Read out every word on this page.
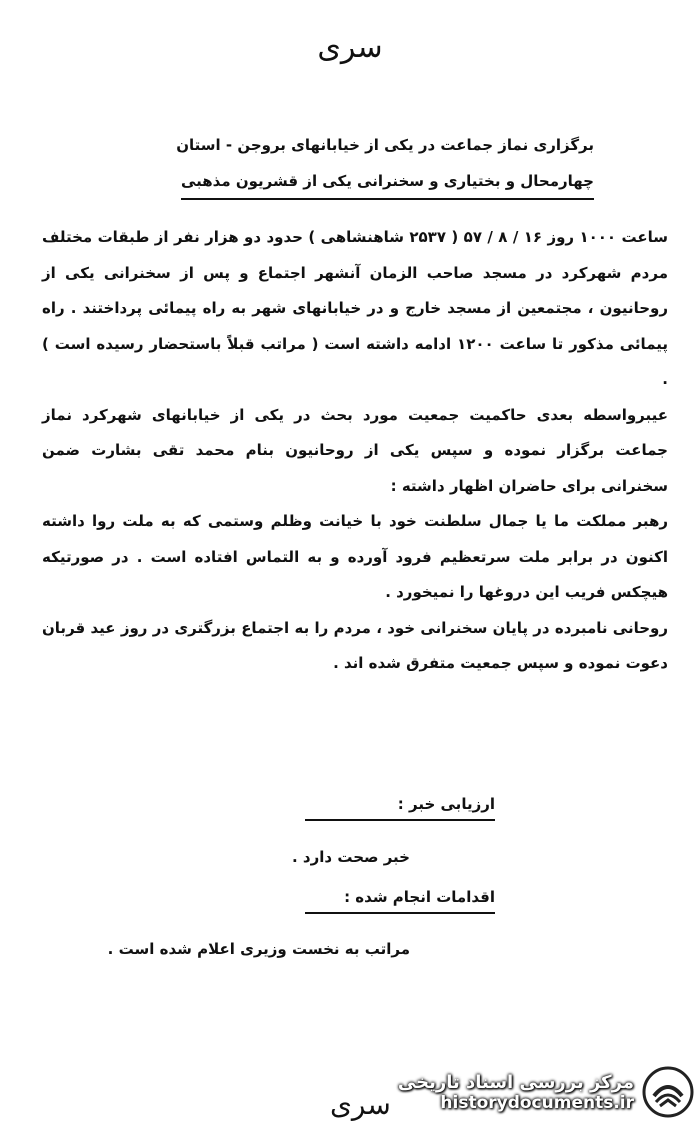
سری
برگزاری نماز جماعت در یکی از خیابانهای بروجن - استان
چهارمحال و بختیاری و سخنرانی یکی از قشریون مذهبی

ساعت ۱۰۰۰ روز ۱۶ / ۸ / ۵۷ ( ۲۵۳۷ شاهنشاهی ) حدود دو هزار نفر از طبقات مختلف مردم شهرکرد در مسجد صاحب الزمان آنشهر اجتماع و پس از سخنرانی یکی از روحانیون ، مجتمعین از مسجد خارج و در خیابانهای شهر به راه پیمائی پرداختند . راه پیمائی مذکور تا ساعت ۱۲۰۰ ادامه داشته است ( مراتب قبلاً باستحضار رسیده است ) .

عیبرواسطه بعدی حاکمیت جمعیت مورد بحث در یکی از خیابانهای شهرکرد نماز جماعت برگزار نموده و سپس یکی از روحانیون بنام محمد تقی بشارت ضمن سخنرانی برای حاضران اظهار داشته :

رهبر مملکت ما یا جمال سلطنت خود با خیانت وظلم وستمی که به ملت روا داشته اکنون در برابر ملت سرتعظیم فرود آورده و به التماس افتاده است . در صورتیکه هیچکس فریب این دروغها را نمیخورد .

روحانی نامبرده در پایان سخنرانی خود ، مردم را به اجتماع بزرگتری در روز عید قربان دعوت نموده و سپس جمعیت متفرق شده اند .

ارزیابی خبر :
خبر صحت دارد .
اقدامات انجام شده :
مراتب به نخست وزیری اعلام شده است .
سری
مرکز بررسی اسناد تاریخی
historydocuments.ir
